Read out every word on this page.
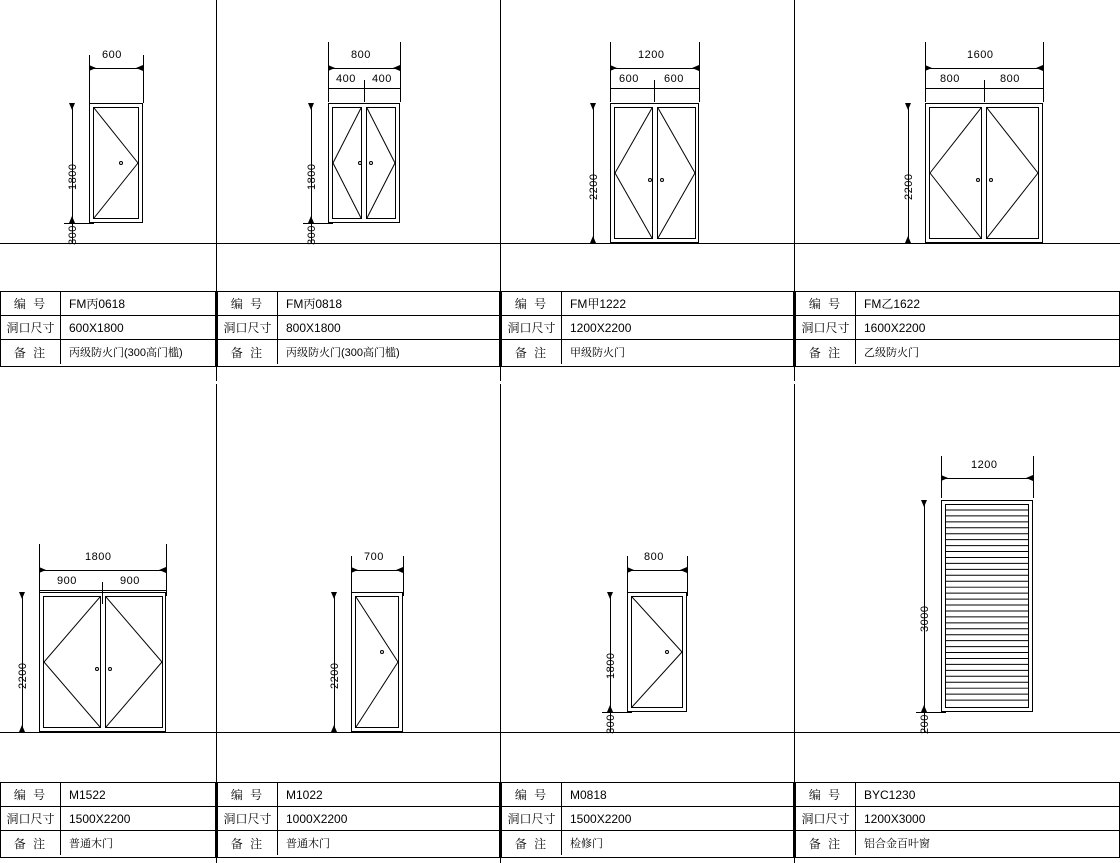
600
1800
300
编 号	FM丙0618
洞口尺寸	600X1800
备 注	丙级防火门(300高门槛)
800
400 400
1800
300
编 号	FM丙0818
洞口尺寸	800X1800
备 注	丙级防火门(300高门槛)
1200
600 600
2200
编 号	FM甲1222
洞口尺寸	1200X2200
备 注	甲级防火门
1600
800	800
2200
编 号	FM乙1622
洞口尺寸	1600X2200
备 注	乙级防火门
1800
900	900
2200
编 号	M1522
洞口尺寸	1500X2200
备 注	普通木门
700
2200
编 号	M1022
洞口尺寸	1000X2200
备 注	普通木门
800
1800
300
编 号	M0818
洞口尺寸	1500X2200
备 注	检修门
1200
3000
200
编 号	BYC1230
洞口尺寸	1200X3000
备 注	铝合金百叶窗
